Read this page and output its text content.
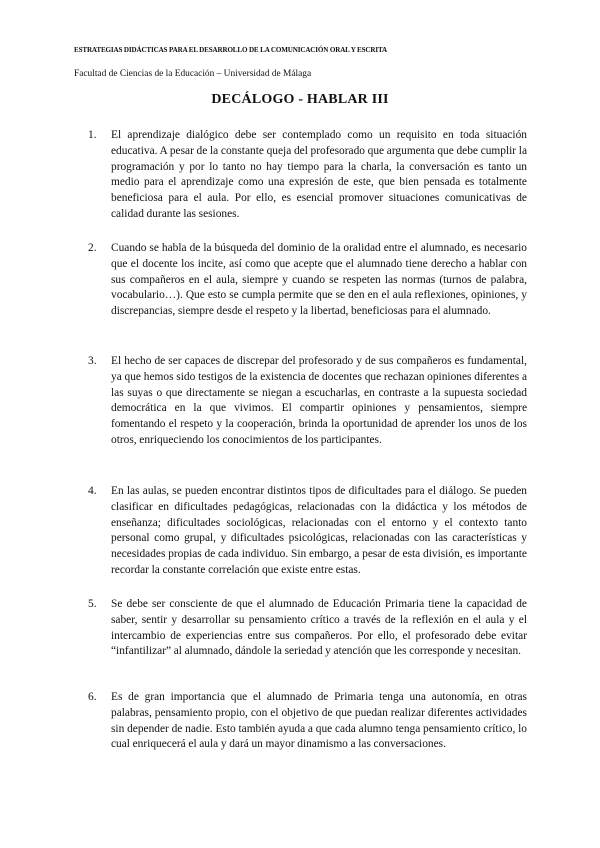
ESTRATEGIAS DIDÁCTICAS PARA EL DESARROLLO DE LA COMUNICACIÓN ORAL Y ESCRITA
Facultad de Ciencias de la Educación – Universidad de Málaga
DECÁLOGO - HABLAR III
1. El aprendizaje dialógico debe ser contemplado como un requisito en toda situación educativa. A pesar de la constante queja del profesorado que argumenta que debe cumplir la programación y por lo tanto no hay tiempo para la charla, la conversación es tanto un medio para el aprendizaje como una expresión de este, que bien pensada es totalmente beneficiosa para el aula. Por ello, es esencial promover situaciones comunicativas de calidad durante las sesiones.
2. Cuando se habla de la búsqueda del dominio de la oralidad entre el alumnado, es necesario que el docente los incite, así como que acepte que el alumnado tiene derecho a hablar con sus compañeros en el aula, siempre y cuando se respeten las normas (turnos de palabra, vocabulario…). Que esto se cumpla permite que se den en el aula reflexiones, opiniones, y discrepancias, siempre desde el respeto y la libertad, beneficiosas para el alumnado.
3. El hecho de ser capaces de discrepar del profesorado y de sus compañeros es fundamental, ya que hemos sido testigos de la existencia de docentes que rechazan opiniones diferentes a las suyas o que directamente se niegan a escucharlas, en contraste a la supuesta sociedad democrática en la que vivimos. El compartir opiniones y pensamientos, siempre fomentando el respeto y la cooperación, brinda la oportunidad de aprender los unos de los otros, enriqueciendo los conocimientos de los participantes.
4. En las aulas, se pueden encontrar distintos tipos de dificultades para el diálogo. Se pueden clasificar en dificultades pedagógicas, relacionadas con la didáctica y los métodos de enseñanza; dificultades sociológicas, relacionadas con el entorno y el contexto tanto personal como grupal, y dificultades psicológicas, relacionadas con las características y necesidades propias de cada individuo. Sin embargo, a pesar de esta división, es importante recordar la constante correlación que existe entre estas.
5. Se debe ser consciente de que el alumnado de Educación Primaria tiene la capacidad de saber, sentir y desarrollar su pensamiento crítico a través de la reflexión en el aula y el intercambio de experiencias entre sus compañeros. Por ello, el profesorado debe evitar “infantilizar” al alumnado, dándole la seriedad y atención que les corresponde y necesitan.
6. Es de gran importancia que el alumnado de Primaria tenga una autonomía, en otras palabras, pensamiento propio, con el objetivo de que puedan realizar diferentes actividades sin depender de nadie. Esto también ayuda a que cada alumno tenga pensamiento crítico, lo cual enriquecerá el aula y dará un mayor dinamismo a las conversaciones.
